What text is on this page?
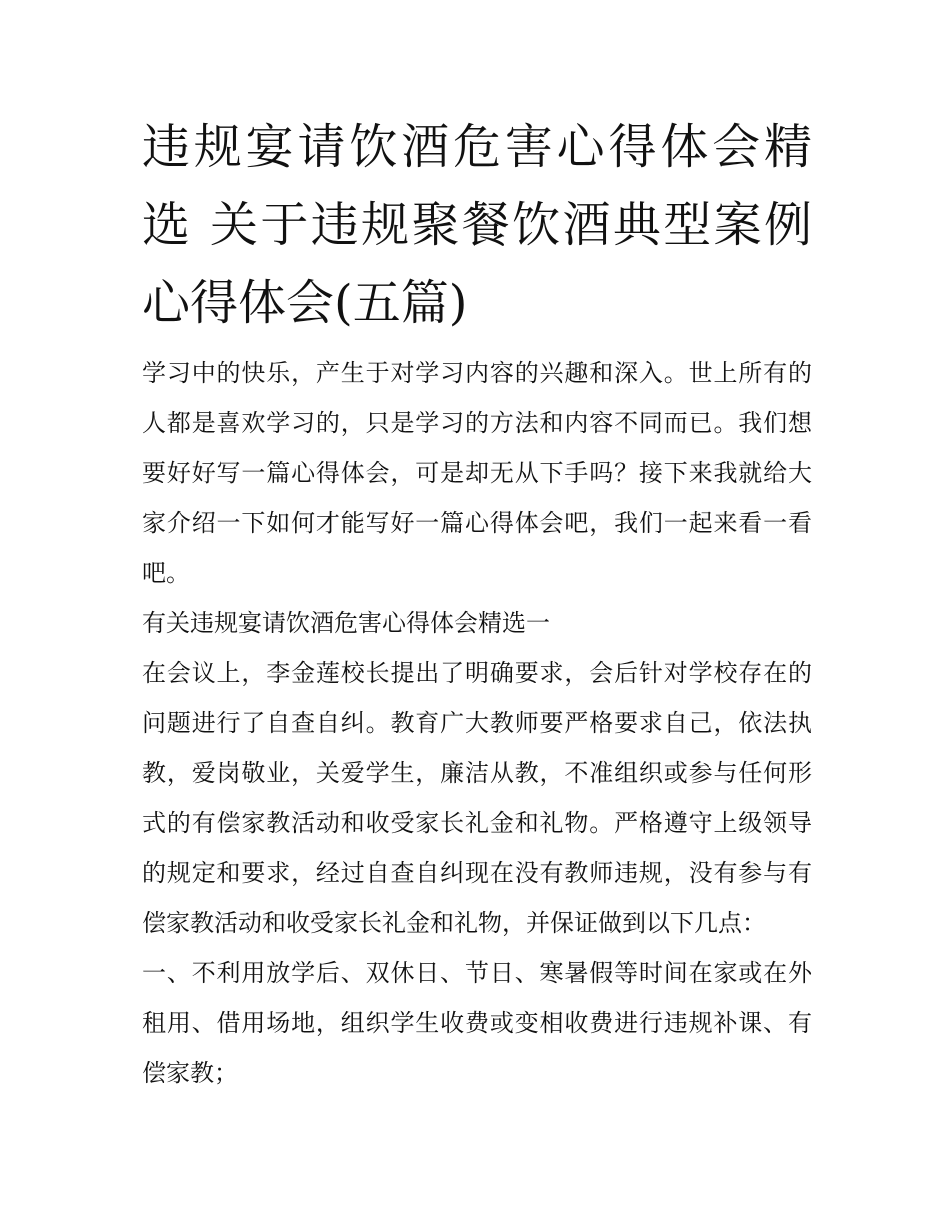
违规宴请饮酒危害心得体会精选 关于违规聚餐饮酒典型案例心得体会(五篇)

学习中的快乐，产生于对学习内容的兴趣和深入。世上所有的人都是喜欢学习的，只是学习的方法和内容不同而已。我们想要好好写一篇心得体会，可是却无从下手吗？接下来我就给大家介绍一下如何才能写好一篇心得体会吧，我们一起来看一看吧。

有关违规宴请饮酒危害心得体会精选一

在会议上，李金莲校长提出了明确要求，会后针对学校存在的问题进行了自查自纠。教育广大教师要严格要求自己，依法执教，爱岗敬业，关爱学生，廉洁从教，不准组织或参与任何形式的有偿家教活动和收受家长礼金和礼物。严格遵守上级领导的规定和要求，经过自查自纠现在没有教师违规，没有参与有偿家教活动和收受家长礼金和礼物，并保证做到以下几点：

一、不利用放学后、双休日、节日、寒暑假等时间在家或在外租用、借用场地，组织学生收费或变相收费进行违规补课、有偿家教；
